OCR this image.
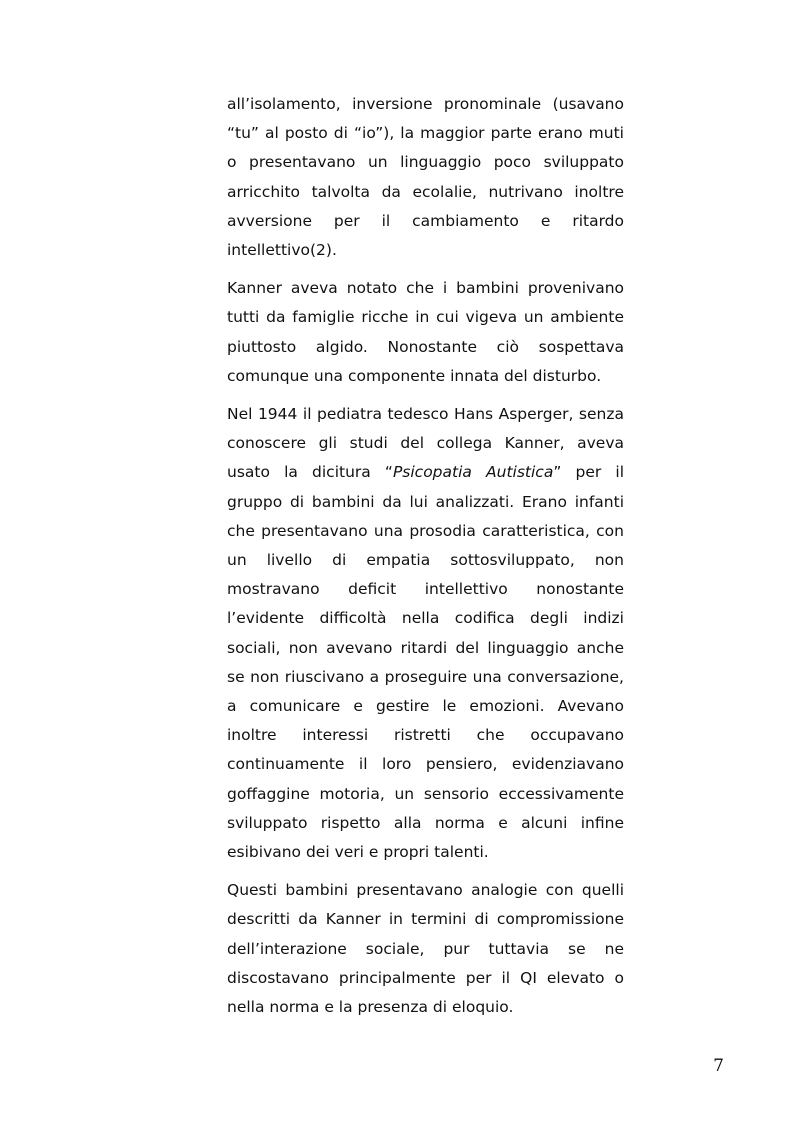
all’isolamento, inversione pronominale (usavano “tu” al posto di “io”), la maggior parte erano muti o presentavano un linguaggio poco sviluppato arricchito talvolta da ecolalie, nutrivano inoltre avversione per il cambiamento e ritardo intellettivo(2).

Kanner aveva notato che i bambini provenivano tutti da famiglie ricche in cui vigeva un ambiente piuttosto algido. Nonostante ciò sospettava comunque una componente innata del disturbo.

Nel 1944 il pediatra tedesco Hans Asperger, senza conoscere gli studi del collega Kanner, aveva usato la dicitura “Psicopatia Autistica” per il gruppo di bambini da lui analizzati. Erano infanti che presentavano una prosodia caratteristica, con un livello di empatia sottosviluppato, non mostravano deficit intellettivo nonostante l’evidente difficoltà nella codifica degli indizi sociali, non avevano ritardi del linguaggio anche se non riuscivano a proseguire una conversazione, a comunicare e gestire le emozioni. Avevano inoltre interessi ristretti che occupavano continuamente il loro pensiero, evidenziavano goffaggine motoria, un sensorio eccessivamente sviluppato rispetto alla norma e alcuni infine esibivano dei veri e propri talenti.

Questi bambini presentavano analogie con quelli descritti da Kanner in termini di compromissione dell’interazione sociale, pur tuttavia se ne discostavano principalmente per il QI elevato o nella norma e la presenza di eloquio.

7
